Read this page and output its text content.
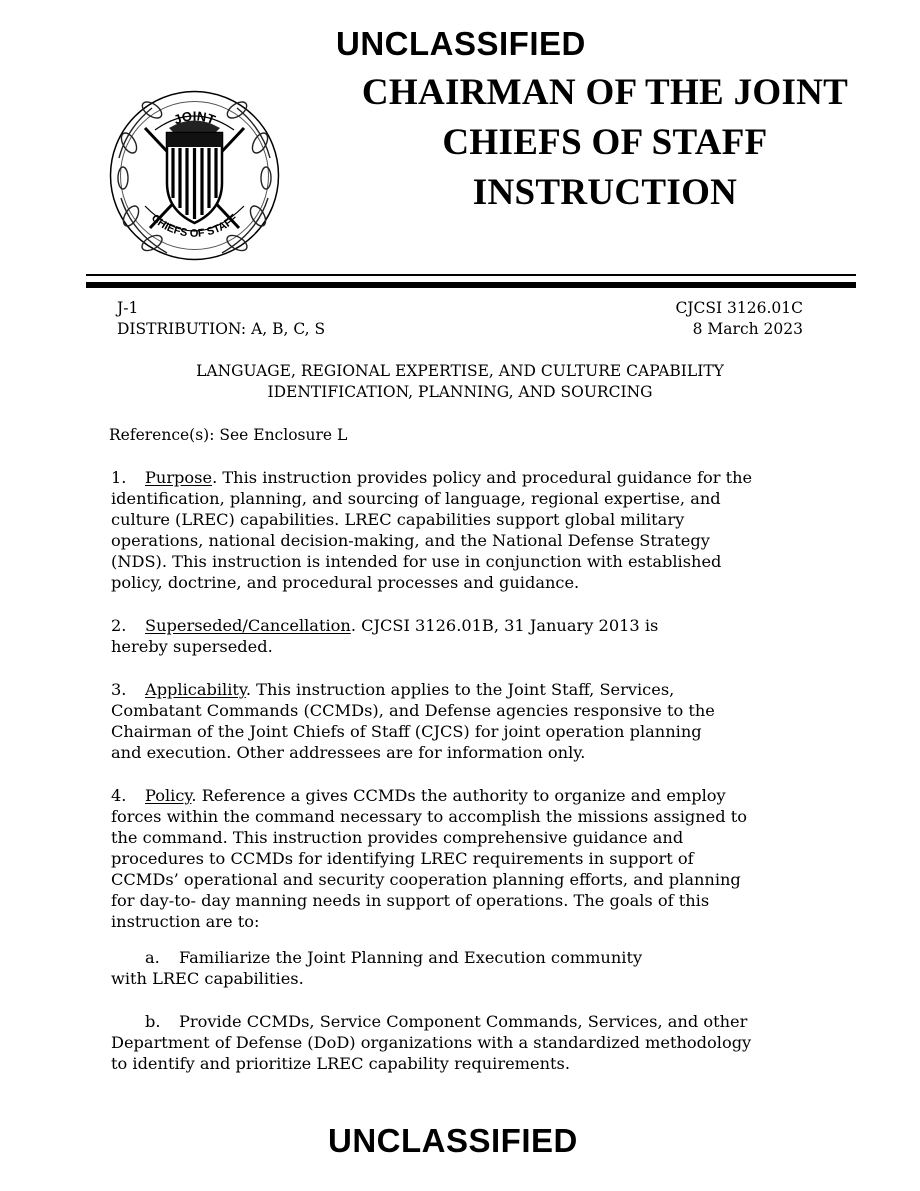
UNCLASSIFIED
CHAIRMAN OF THE JOINT
CHIEFS OF STAFF
INSTRUCTION
JOINT
CHIEFS OF STAFF
J-1
DISTRIBUTION: A, B, C, S
CJCSI 3126.01C
8 March 2023
LANGUAGE, REGIONAL EXPERTISE, AND CULTURE CAPABILITY
IDENTIFICATION, PLANNING, AND SOURCING
Reference(s): See Enclosure L
1. Purpose. This instruction provides policy and procedural guidance for the
identification, planning, and sourcing of language, regional expertise, and
culture (LREC) capabilities. LREC capabilities support global military
operations, national decision-making, and the National Defense Strategy
(NDS). This instruction is intended for use in conjunction with established
policy, doctrine, and procedural processes and guidance.
2. Superseded/Cancellation. CJCSI 3126.01B, 31 January 2013 is
hereby superseded.
3. Applicability. This instruction applies to the Joint Staff, Services,
Combatant Commands (CCMDs), and Defense agencies responsive to the
Chairman of the Joint Chiefs of Staff (CJCS) for joint operation planning
and execution. Other addressees are for information only.
4. Policy. Reference a gives CCMDs the authority to organize and employ
forces within the command necessary to accomplish the missions assigned to
the command. This instruction provides comprehensive guidance and
procedures to CCMDs for identifying LREC requirements in support of
CCMDs’ operational and security cooperation planning efforts, and planning
for day-to- day manning needs in support of operations. The goals of this
instruction are to:
a. Familiarize the Joint Planning and Execution community
with LREC capabilities.
b. Provide CCMDs, Service Component Commands, Services, and other
Department of Defense (DoD) organizations with a standardized methodology
to identify and prioritize LREC capability requirements.
UNCLASSIFIED
